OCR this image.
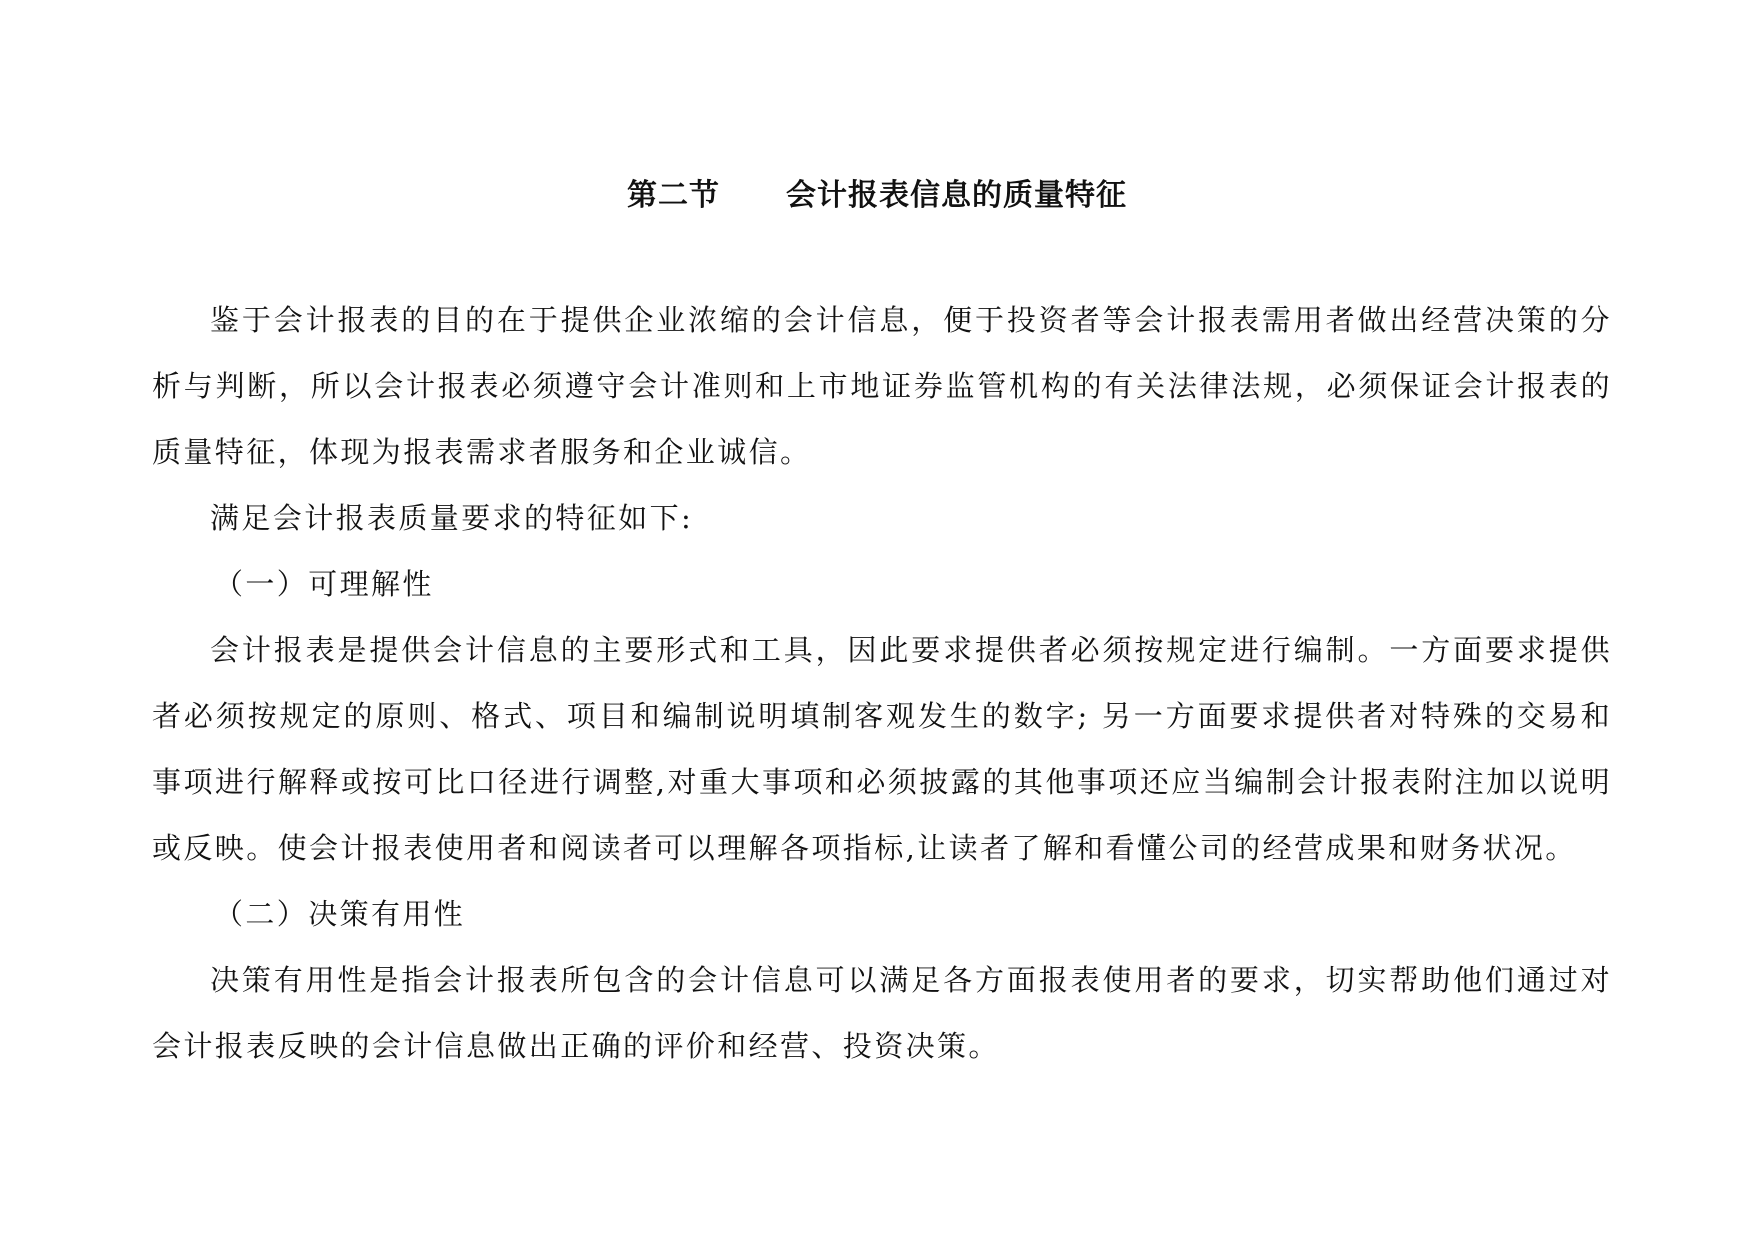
第二节 会计报表信息的质量特征

鉴于会计报表的目的在于提供企业浓缩的会计信息，便于投资者等会计报表需用者做出经营决策的分析与判断，所以会计报表必须遵守会计准则和上市地证券监管机构的有关法律法规，必须保证会计报表的质量特征，体现为报表需求者服务和企业诚信。

满足会计报表质量要求的特征如下:

（一）可理解性

会计报表是提供会计信息的主要形式和工具，因此要求提供者必须按规定进行编制。一方面要求提供者必须按规定的原则、格式、项目和编制说明填制客观发生的数字; 另一方面要求提供者对特殊的交易和事项进行解释或按可比口径进行调整,对重大事项和必须披露的其他事项还应当编制会计报表附注加以说明或反映。使会计报表使用者和阅读者可以理解各项指标,让读者了解和看懂公司的经营成果和财务状况。

（二）决策有用性

决策有用性是指会计报表所包含的会计信息可以满足各方面报表使用者的要求，切实帮助他们通过对会计报表反映的会计信息做出正确的评价和经营、投资决策。
